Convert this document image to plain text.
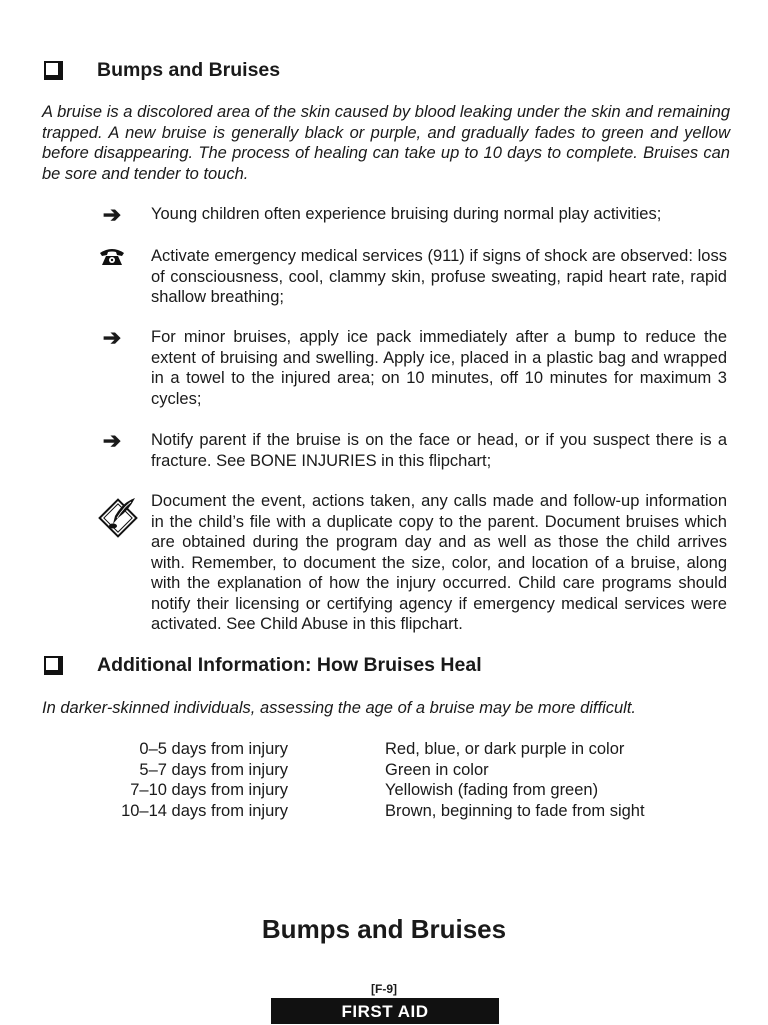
Bumps and Bruises

A bruise is a discolored area of the skin caused by blood leaking under the skin and remaining trapped. A new bruise is generally black or purple, and gradually fades to green and yellow before disappearing. The process of healing can take up to 10 days to complete. Bruises can be sore and tender to touch.

➔	Young children often experience bruising during normal play activities;

Activate emergency medical services (911) if signs of shock are observed: loss of consciousness, cool, clammy skin, profuse sweating, rapid heart rate, rapid shallow breathing;

➔	For minor bruises, apply ice pack immediately after a bump to reduce the extent of bruising and swelling. Apply ice, placed in a plastic bag and wrapped in a towel to the injured area; on 10 minutes, off 10 minutes for maximum 3 cycles;

➔	Notify parent if the bruise is on the face or head, or if you suspect there is a fracture. See BONE INJURIES in this flipchart;

Document the event, actions taken, any calls made and follow-up information in the child’s file with a duplicate copy to the parent. Document bruises which are obtained during the program day and as well as those the child arrives with. Remember, to document the size, color, and location of a bruise, along with the explanation of how the injury occurred. Child care programs should notify their licensing or certifying agency if emergency medical services were activated. See Child Abuse in this flipchart.

Additional Information: How Bruises Heal

In darker-skinned individuals, assessing the age of a bruise may be more difficult.

0–5 days from injury	Red, blue, or dark purple in color
5–7 days from injury	Green in color
7–10 days from injury	Yellowish (fading from green)
10–14 days from injury	Brown, beginning to fade from sight
Bumps and Bruises
[F-9]
FIRST AID
